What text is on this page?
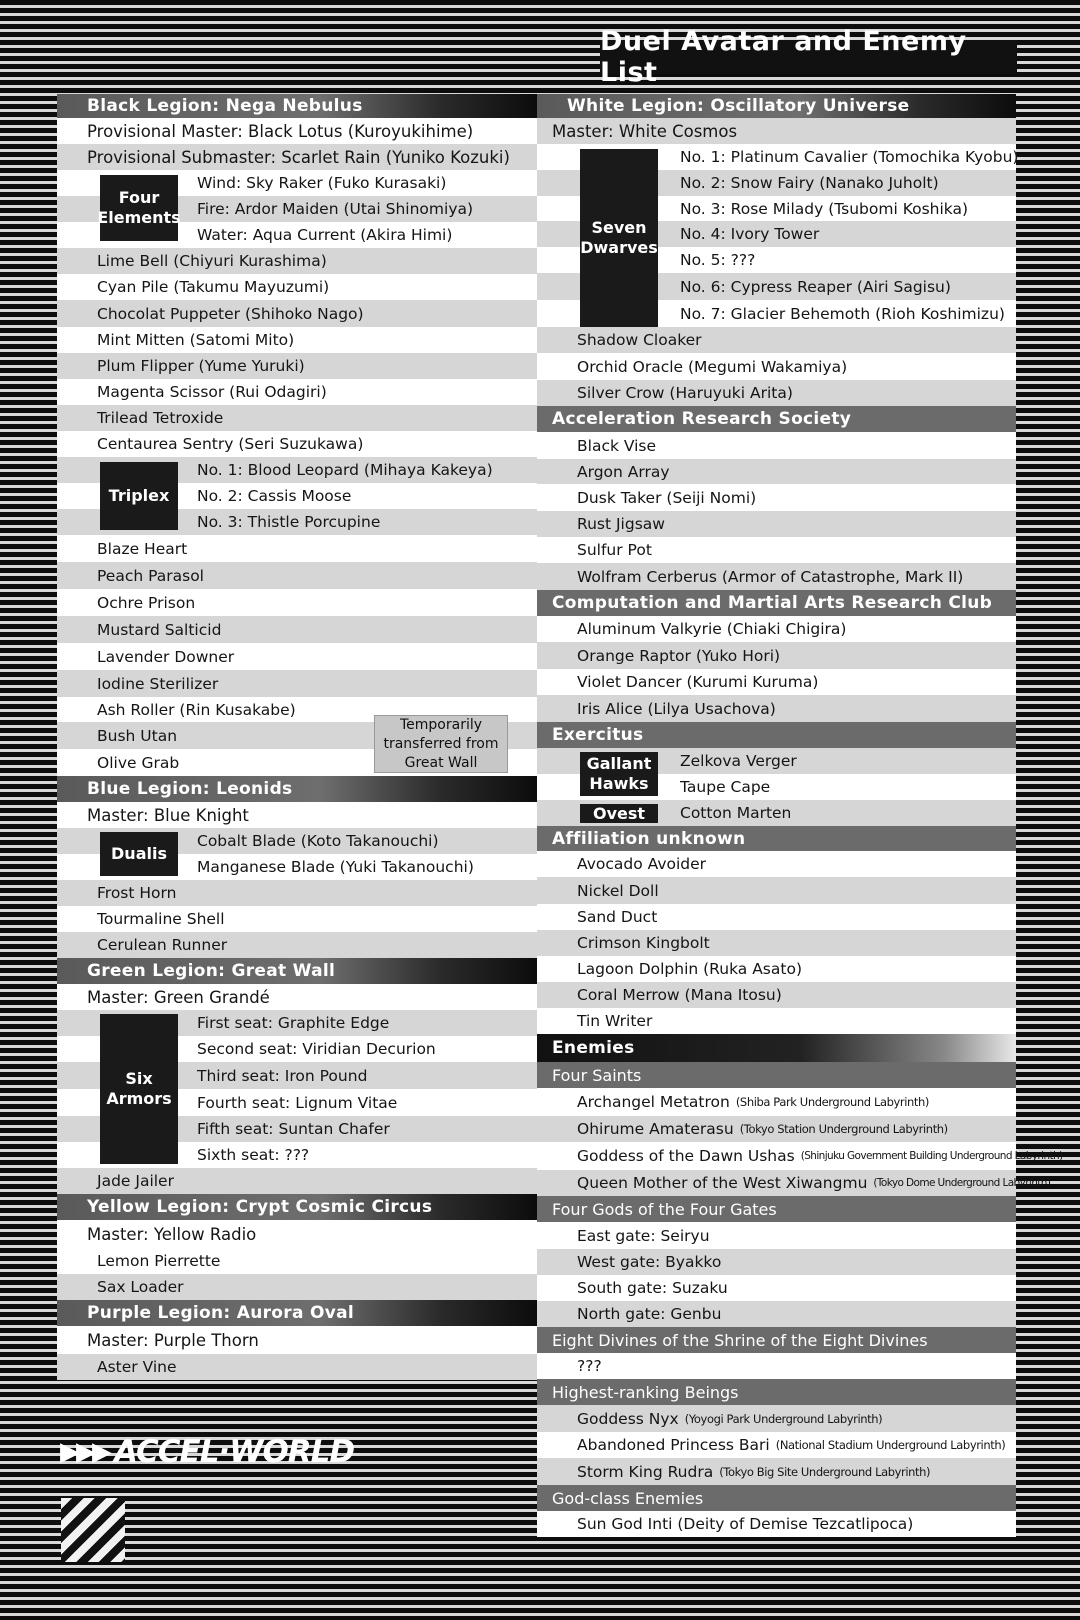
Duel Avatar and Enemy List
Black Legion: Nega Nebulus
Provisional Master: Black Lotus (Kuroyukihime)
Provisional Submaster: Scarlet Rain (Yuniko Kozuki)
Four
Elements
Wind: Sky Raker (Fuko Kurasaki)
Fire: Ardor Maiden (Utai Shinomiya)
Water: Aqua Current (Akira Himi)
Lime Bell (Chiyuri Kurashima)
Cyan Pile (Takumu Mayuzumi)
Chocolat Puppeter (Shihoko Nago)
Mint Mitten (Satomi Mito)
Plum Flipper (Yume Yuruki)
Magenta Scissor (Rui Odagiri)
Trilead Tetroxide
Centaurea Sentry (Seri Suzukawa)
Triplex
No. 1: Blood Leopard (Mihaya Kakeya)
No. 2: Cassis Moose
No. 3: Thistle Porcupine
Blaze Heart
Peach Parasol
Ochre Prison
Mustard Salticid
Lavender Downer
Iodine Sterilizer
Ash Roller (Rin Kusakabe)
Bush Utan
Olive Grab
Temporarily
transferred from
Great Wall
Blue Legion: Leonids
Master: Blue Knight
Dualis
Cobalt Blade (Koto Takanouchi)
Manganese Blade (Yuki Takanouchi)
Frost Horn
Tourmaline Shell
Cerulean Runner
Green Legion: Great Wall
Master: Green Grandé
Six
Armors
First seat: Graphite Edge
Second seat: Viridian Decurion
Third seat: Iron Pound
Fourth seat: Lignum Vitae
Fifth seat: Suntan Chafer
Sixth seat: ???
Jade Jailer
Yellow Legion: Crypt Cosmic Circus
Master: Yellow Radio
Lemon Pierrette
Sax Loader
Purple Legion: Aurora Oval
Master: Purple Thorn
Aster Vine
White Legion: Oscillatory Universe
Master: White Cosmos
Seven
Dwarves
No. 1: Platinum Cavalier (Tomochika Kyobu)
No. 2: Snow Fairy (Nanako Juholt)
No. 3: Rose Milady (Tsubomi Koshika)
No. 4: Ivory Tower
No. 5: ???
No. 6: Cypress Reaper (Airi Sagisu)
No. 7: Glacier Behemoth (Rioh Koshimizu)
Shadow Cloaker
Orchid Oracle (Megumi Wakamiya)
Silver Crow (Haruyuki Arita)
Acceleration Research Society
Black Vise
Argon Array
Dusk Taker (Seiji Nomi)
Rust Jigsaw
Sulfur Pot
Wolfram Cerberus (Armor of Catastrophe, Mark II)
Computation and Martial Arts Research Club
Aluminum Valkyrie (Chiaki Chigira)
Orange Raptor (Yuko Hori)
Violet Dancer (Kurumi Kuruma)
Iris Alice (Lilya Usachova)
Exercitus
Gallant
Hawks
Zelkova Verger
Taupe Cape
Ovest	Cotton Marten
Affiliation unknown
Avocado Avoider
Nickel Doll
Sand Duct
Crimson Kingbolt
Lagoon Dolphin (Ruka Asato)
Coral Merrow (Mana Itosu)
Tin Writer
Enemies
Four Saints
Archangel Metatron (Shiba Park Underground Labyrinth)
Ohirume Amaterasu (Tokyo Station Underground Labyrinth)
Goddess of the Dawn Ushas (Shinjuku Government Building Underground Labyrinth)
Queen Mother of the West Xiwangmu (Tokyo Dome Underground Labyrinth)
Four Gods of the Four Gates
East gate: Seiryu
West gate: Byakko
South gate: Suzaku
North gate: Genbu
Eight Divines of the Shrine of the Eight Divines
???
Highest-ranking Beings
Goddess Nyx (Yoyogi Park Underground Labyrinth)
Abandoned Princess Bari (National Stadium Underground Labyrinth)
Storm King Rudra (Tokyo Big Site Underground Labyrinth)
God-class Enemies
Sun God Inti (Deity of Demise Tezcatlipoca)
▶▶▶ ACCEL·WORLD
